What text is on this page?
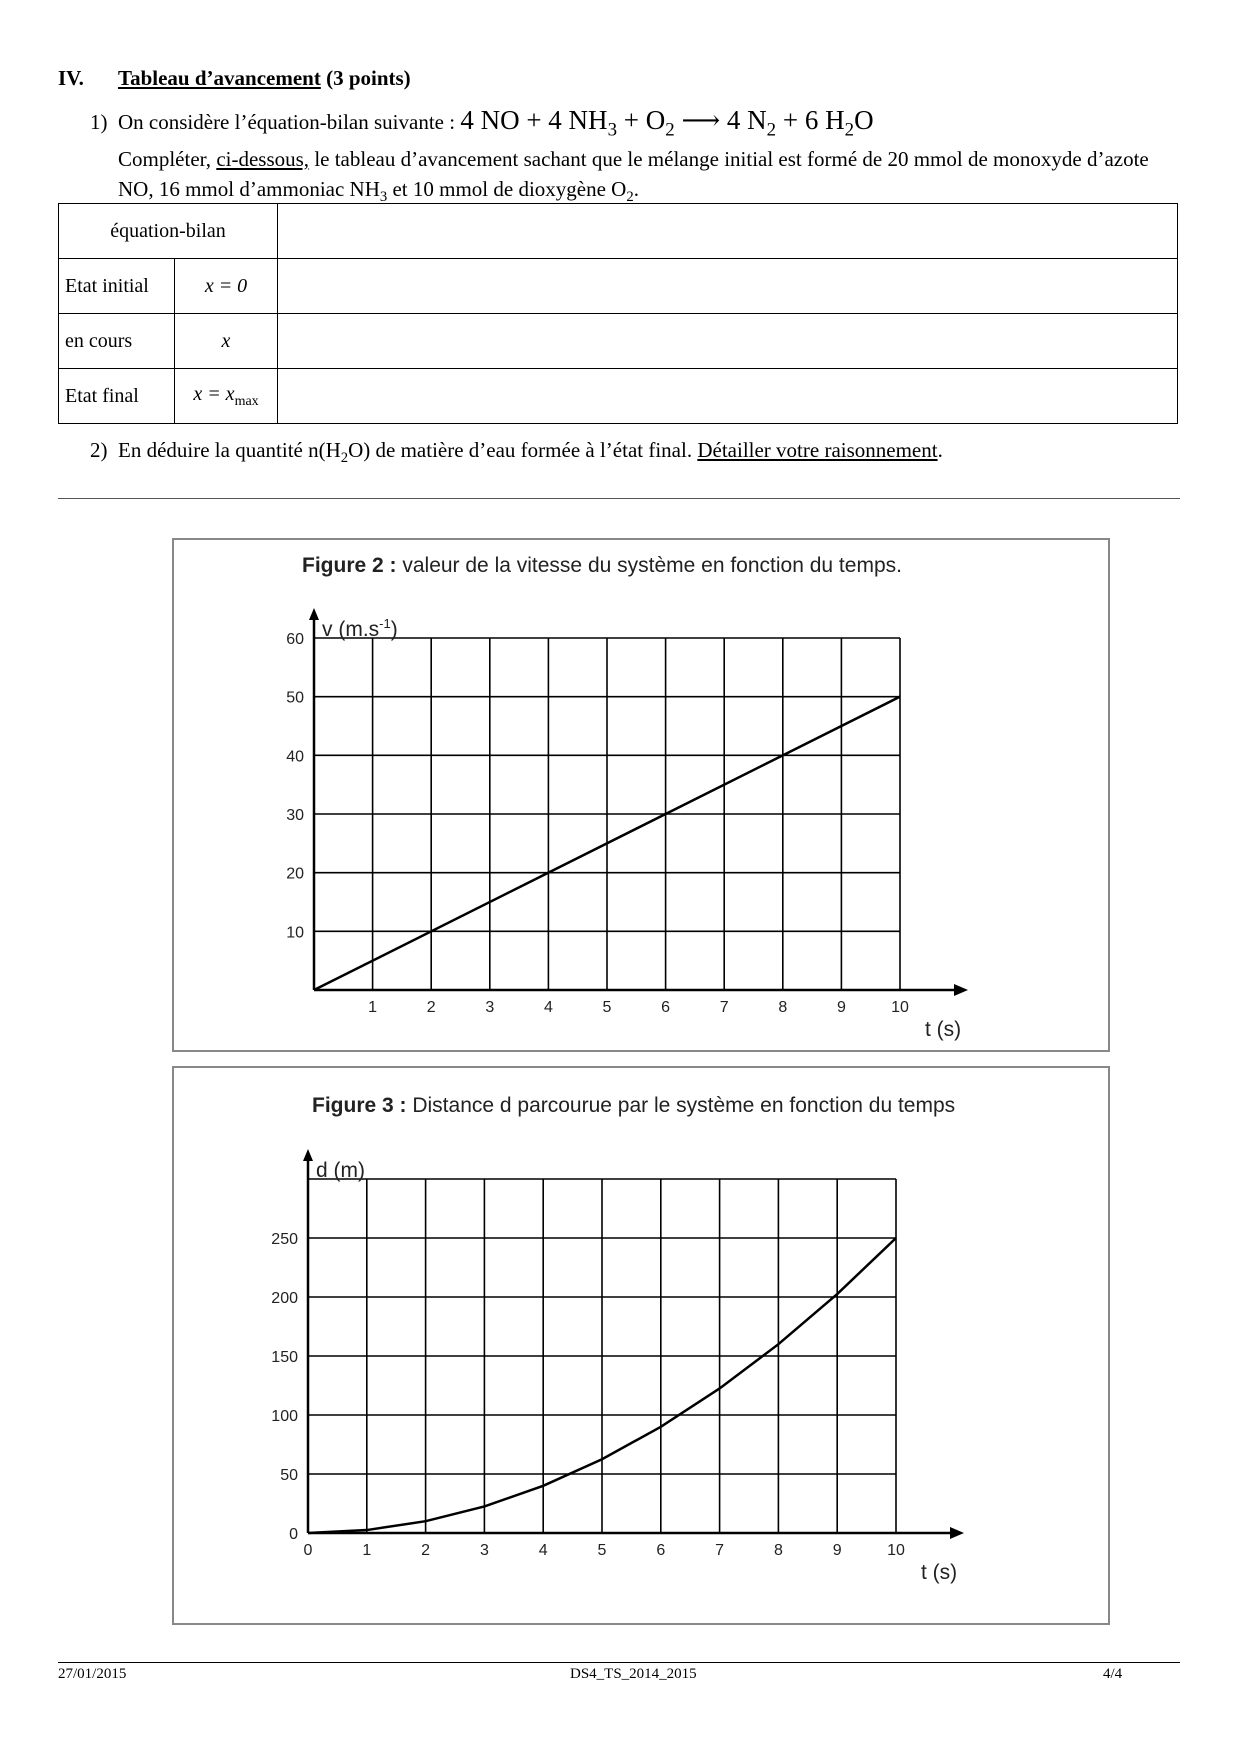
IV. Tableau d’avancement (3 points)
1) On considère l’équation-bilan suivante : 4 NO + 4 $NH_3 + O_2$ ⟶ 4 $N_2 + 6$ $H_2O$
Compléter, ci-dessous, le tableau d’avancement sachant que le mélange initial est formé de 20 mmol de monoxyde d’azote NO, 16 mmol d’ammoniac $NH_3$ et 10 mmol de dioxygène $O_2$.
équation-bilan		
Etat initial	x = 0	
en cours	x	
Etat final	$x = x_{max}$	
2) En déduire la quantité $n(H_2O)$ de matière d’eau formée à l’état final. Détailler votre raisonnement.
Figure 2 : valeur de la vitesse du système en fonction du temps.
1	2	3	4	5	6	7	8	9	10
10
20
30
40
50
60
t (s)
v $(m.s^{-1})$
Figure 3 : Distance d parcourue par le système en fonction du temps
0	1	2	3	4	5	6	7	8	9	10
0
50
100
150
200
250
t (s)
d (m)
27/01/2015	DS4_TS_2014_2015	4/4
